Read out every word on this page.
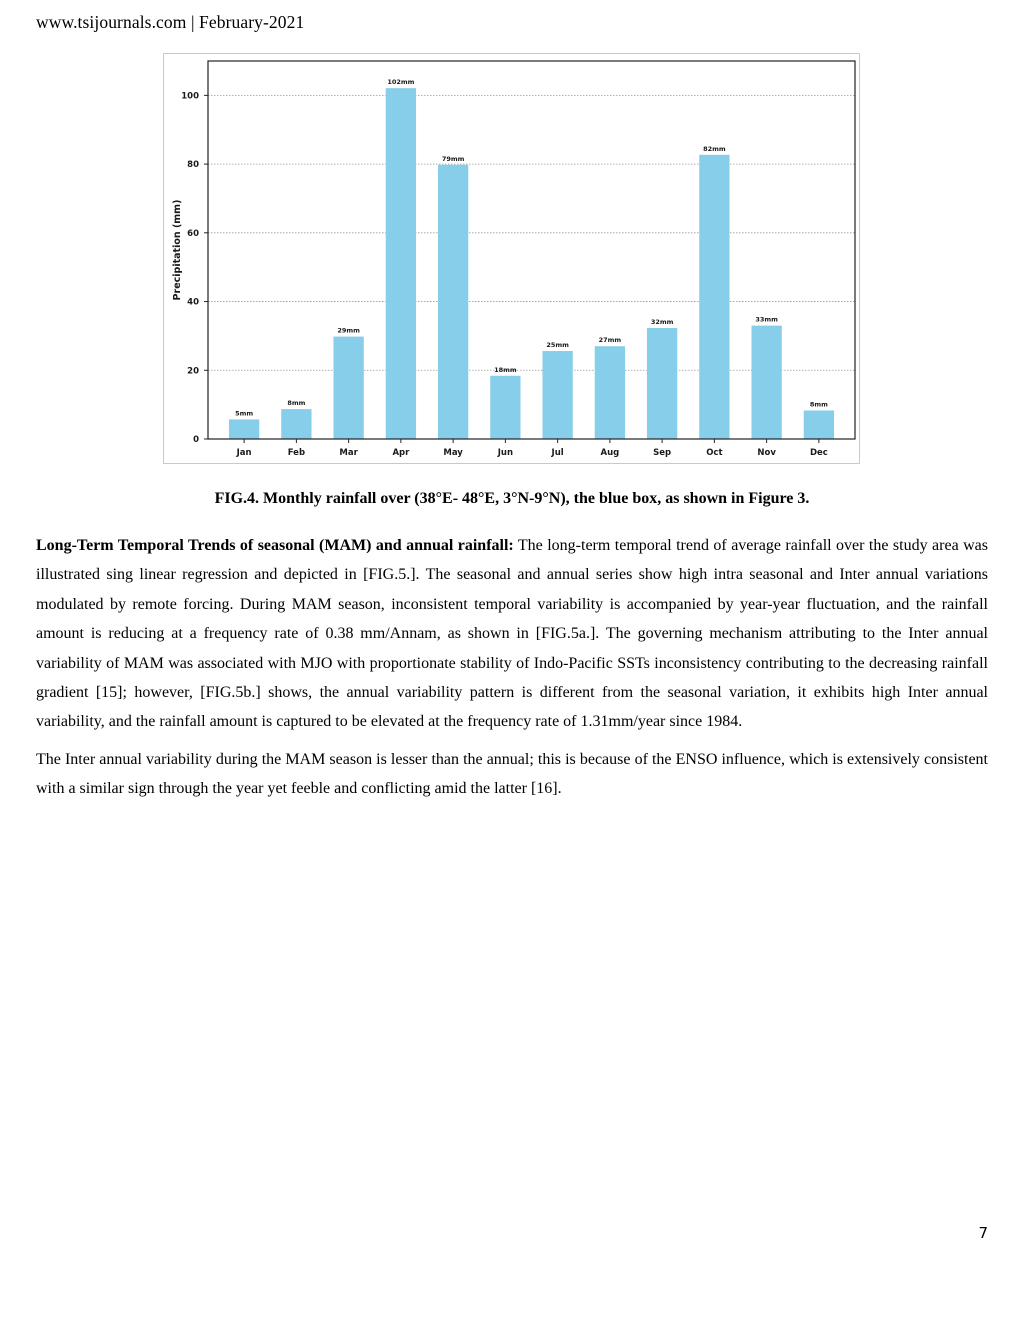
www.tsijournals.com | February-2021
5mm
8mm
29mm
102mm
79mm
18mm
25mm
27mm
32mm
82mm
33mm
8mm
0
20
40
60
80
100
Jan	Feb	Mar	Apr	May	Jun	Jul	Aug	Sep	Oct	Nov	Dec
Precipitation (mm)
FIG.4. Monthly rainfall over (38°E- 48°E, 3°N-9°N), the blue box, as shown in Figure 3.

Long-Term Temporal Trends of seasonal (MAM) and annual rainfall: The long-term temporal trend of average rainfall over the study area was illustrated sing linear regression and depicted in [FIG.5.]. The seasonal and annual series show high intra seasonal and Inter annual variations modulated by remote forcing. During MAM season, inconsistent temporal variability is accompanied by year-year fluctuation, and the rainfall amount is reducing at a frequency rate of 0.38 mm/Annam, as shown in [FIG.5a.]. The governing mechanism attributing to the Inter annual variability of MAM was associated with MJO with proportionate stability of Indo-Pacific SSTs inconsistency contributing to the decreasing rainfall gradient [15]; however, [FIG.5b.] shows, the annual variability pattern is different from the seasonal variation, it exhibits high Inter annual variability, and the rainfall amount is captured to be elevated at the frequency rate of 1.31mm/year since 1984.

The Inter annual variability during the MAM season is lesser than the annual; this is because of the ENSO influence, which is extensively consistent with a similar sign through the year yet feeble and conflicting amid the latter [16].

7
